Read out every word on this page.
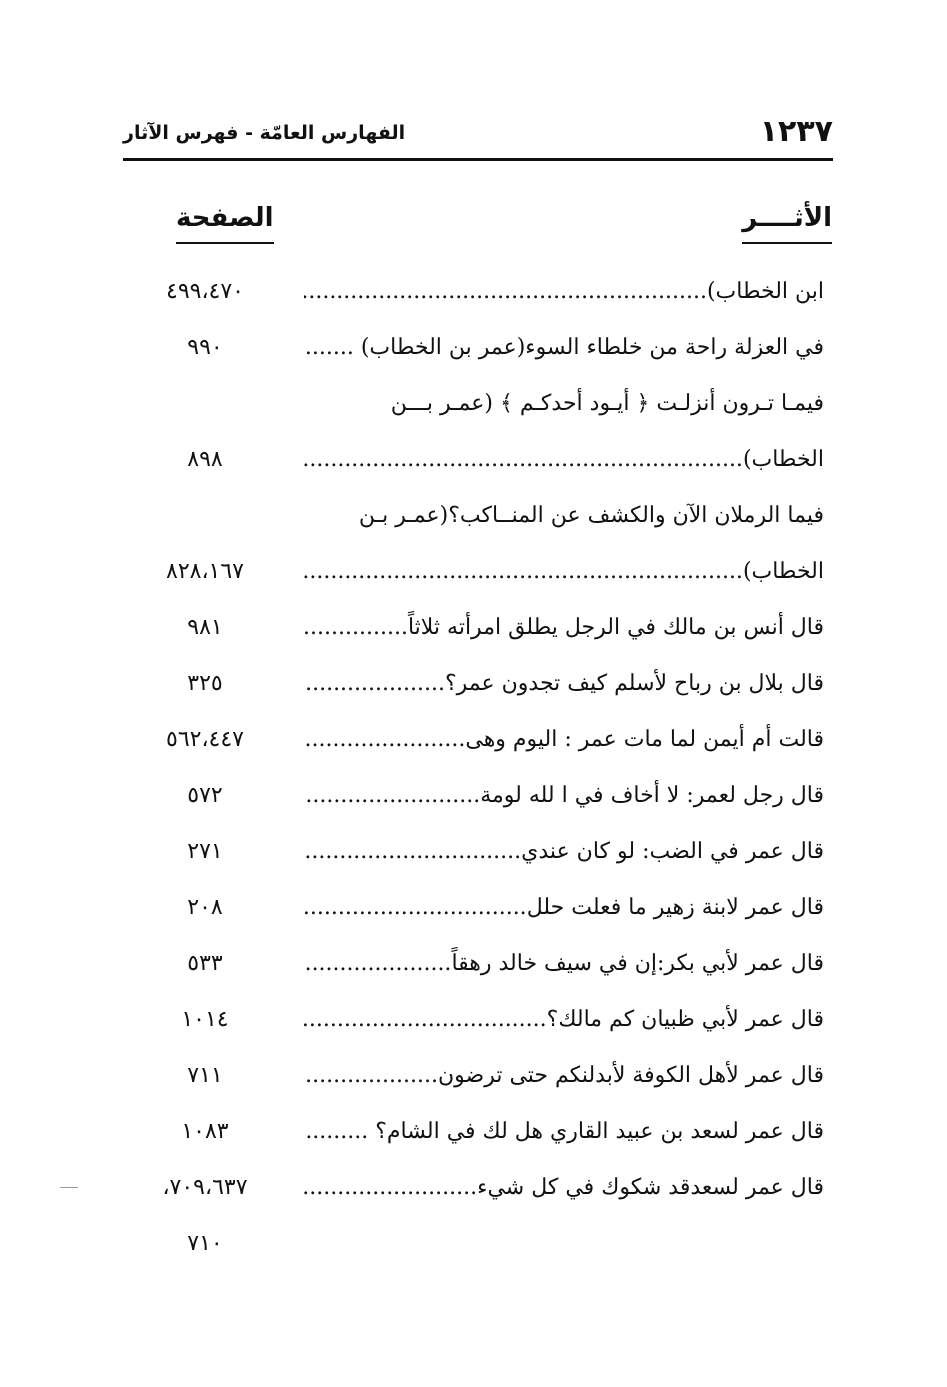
١٢٣٧
الفهارس العامّة - فهرس الآثار
الأثــــر
الصفحة
ابن الخطاب) .....
٤٩٩،٤٧٠
في العزلة راحة من خلطاء السوء(عمر بن الخطاب) .... .....
٩٩٠
فيمـا تـرون أنزلـت ﴿ أيـود أحدكـم ﴾ (عمـر بـــن
الخطاب) .....
٨٩٨
فيما الرملان الآن والكشف عن المنــاكب؟(عمـر بـن
الخطاب) .....
٨٢٨،١٦٧
قال أنس بن مالك في الرجل يطلق امرأته ثلاثاً .....
٩٨١
قال بلال بن رباح لأسلم كيف تجدون عمر؟ .....
٣٢٥
قالت أم أيمن لما مات عمر : اليوم وهى .....
٥٦٢،٤٤٧
قال رجل لعمر: لا أخاف في ا لله لومة .....
٥٧٢
قال عمر في الضب: لو كان عندي .....
٢٧١
قال عمر لابنة زهير ما فعلت حلل .....
٢٠٨
قال عمر لأبي بكر:إن في سيف خالد رهقاً .....
٥٣٣
قال عمر لأبي ظبيان كم مالك؟ .....
١٠١٤
قال عمر لأهل الكوفة لأبدلنكم حتى ترضون .....
٧١١
قال عمر لسعد بن عبيد القاري هل لك في الشام؟ ..... .....
١٠٨٣
قال عمر لسعدقد شكوك في كل شيء .....
٧٠٩،٦٣٧،
٧١٠
